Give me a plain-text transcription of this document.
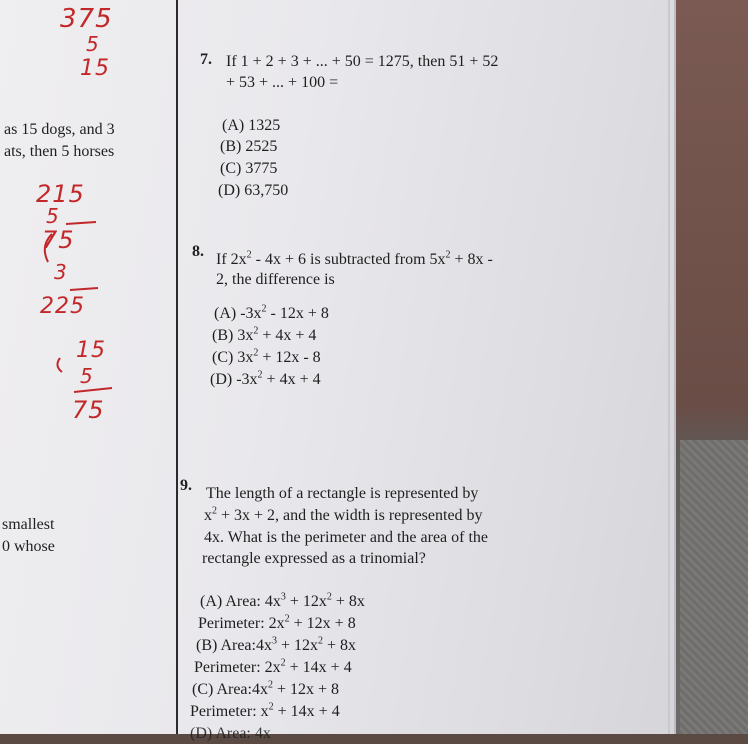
as 15 dogs, and 3
ats, then 5 horses
smallest
0 whose
375
5
15
215
5
75
3
225
15
5
75
7. If 1 + 2 + 3 + ... + 50 = 1275, then 51 + 52
+ 53 + ... + 100 =
(A) 1325
(B) 2525
(C) 3775
(D) 63,750
8. If $2x^2 - 4x + 6$ is subtracted from $5x^2 + 8x$ -
2, the difference is
(A) $-3x^2 - 12x + 8$
(B) $3x^2 + 4x + 4$
(C) $3x^2 + 12x - 8$
(D) $-3x^2 + 4x + 4$
9. The length of a rectangle is represented by
$x^2 + 3x + 2$, and the width is represented by
4x. What is the perimeter and the area of the
rectangle expressed as a trinomial?
(A) Area: $4x^3 + 12x^2 + 8x$
Perimeter: $2x^2 + 12x + 8$
(B) $Area:4x^3 + 12x^2 + 8x$
Perimeter: $2x^2 + 14x + 4$
(C) $Area:4x^2 + 12x + 8$
Perimeter: $x^2 + 14x + 4$
(D) Area: 4x
